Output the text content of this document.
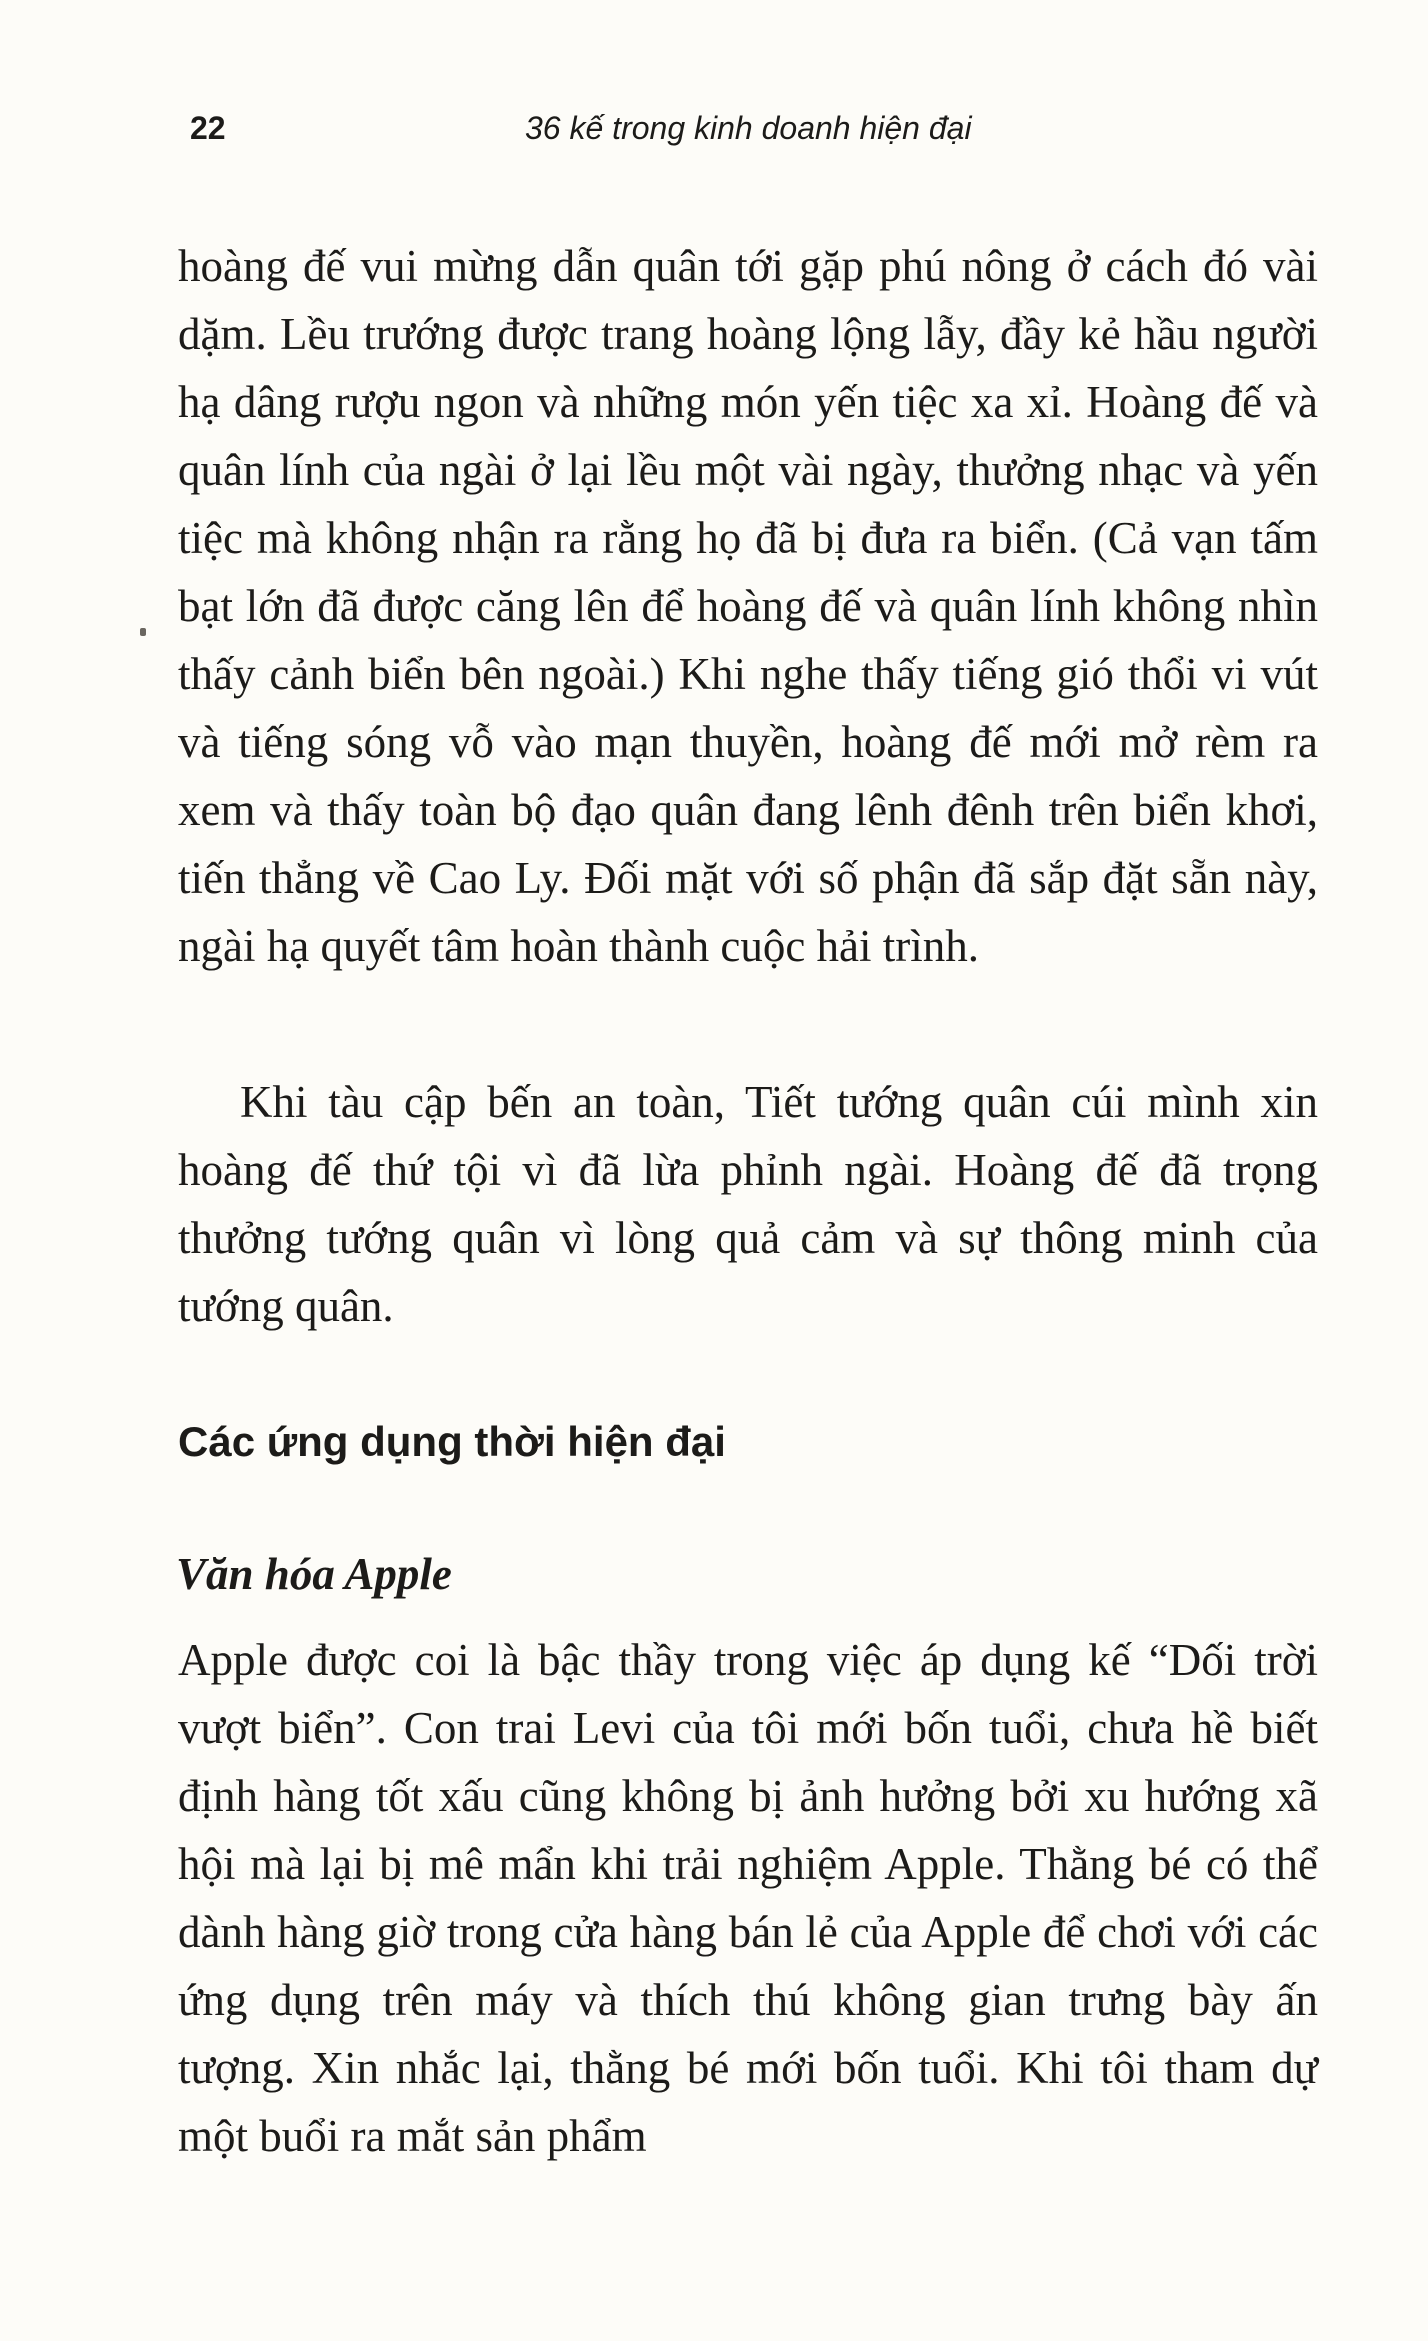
22	36 kế trong kinh doanh hiện đại

hoàng đế vui mừng dẫn quân tới gặp phú nông ở cách đó vài dặm. Lều trướng được trang hoàng lộng lẫy, đầy kẻ hầu người hạ dâng rượu ngon và những món yến tiệc xa xỉ. Hoàng đế và quân lính của ngài ở lại lều một vài ngày, thưởng nhạc và yến tiệc mà không nhận ra rằng họ đã bị đưa ra biển. (Cả vạn tấm bạt lớn đã được căng lên để hoàng đế và quân lính không nhìn thấy cảnh biển bên ngoài.) Khi nghe thấy tiếng gió thổi vi vút và tiếng sóng vỗ vào mạn thuyền, hoàng đế mới mở rèm ra xem và thấy toàn bộ đạo quân đang lênh đênh trên biển khơi, tiến thẳng về Cao Ly. Đối mặt với số phận đã sắp đặt sẵn này, ngài hạ quyết tâm hoàn thành cuộc hải trình.

Khi tàu cập bến an toàn, Tiết tướng quân cúi mình xin hoàng đế thứ tội vì đã lừa phỉnh ngài. Hoàng đế đã trọng thưởng tướng quân vì lòng quả cảm và sự thông minh của tướng quân.

Các ứng dụng thời hiện đại
Văn hóa Apple

Apple được coi là bậc thầy trong việc áp dụng kế “Dối trời vượt biển”. Con trai Levi của tôi mới bốn tuổi, chưa hề biết định hàng tốt xấu cũng không bị ảnh hưởng bởi xu hướng xã hội mà lại bị mê mẩn khi trải nghiệm Apple. Thằng bé có thể dành hàng giờ trong cửa hàng bán lẻ của Apple để chơi với các ứng dụng trên máy và thích thú không gian trưng bày ấn tượng. Xin nhắc lại, thằng bé mới bốn tuổi. Khi tôi tham dự một buổi ra mắt sản phẩm
